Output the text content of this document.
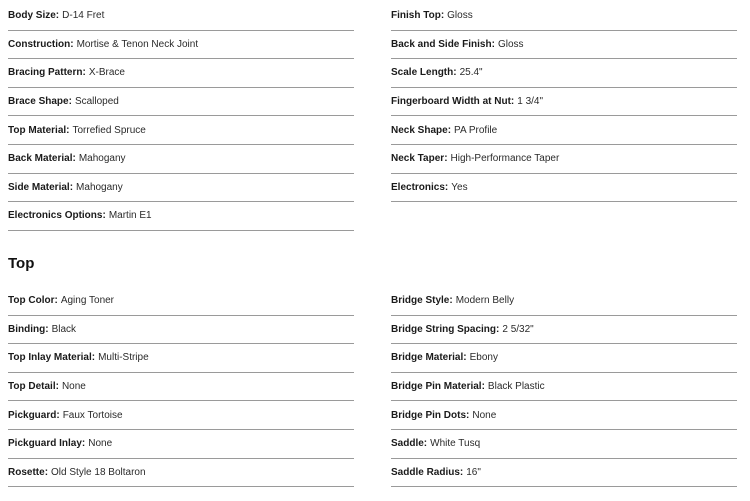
Body Size : D-14 Fret
Construction : Mortise & Tenon Neck Joint
Bracing Pattern : X-Brace
Brace Shape : Scalloped
Top Material : Torrefied Spruce
Back Material : Mahogany
Side Material : Mahogany
Electronics Options : Martin E1
Finish Top : Gloss
Back and Side Finish : Gloss
Scale Length : 25.4"
Fingerboard Width at Nut : 1 3/4"
Neck Shape : PA Profile
Neck Taper : High-Performance Taper
Electronics : Yes
Top
Top Color : Aging Toner
Binding : Black
Top Inlay Material : Multi-Stripe
Top Detail : None
Pickguard : Faux Tortoise
Pickguard Inlay : None
Rosette : Old Style 18 Boltaron
Bridge Style : Modern Belly
Bridge String Spacing : 2 5/32"
Bridge Material : Ebony
Bridge Pin Material : Black Plastic
Bridge Pin Dots : None
Saddle : White Tusq
Saddle Radius : 16"
